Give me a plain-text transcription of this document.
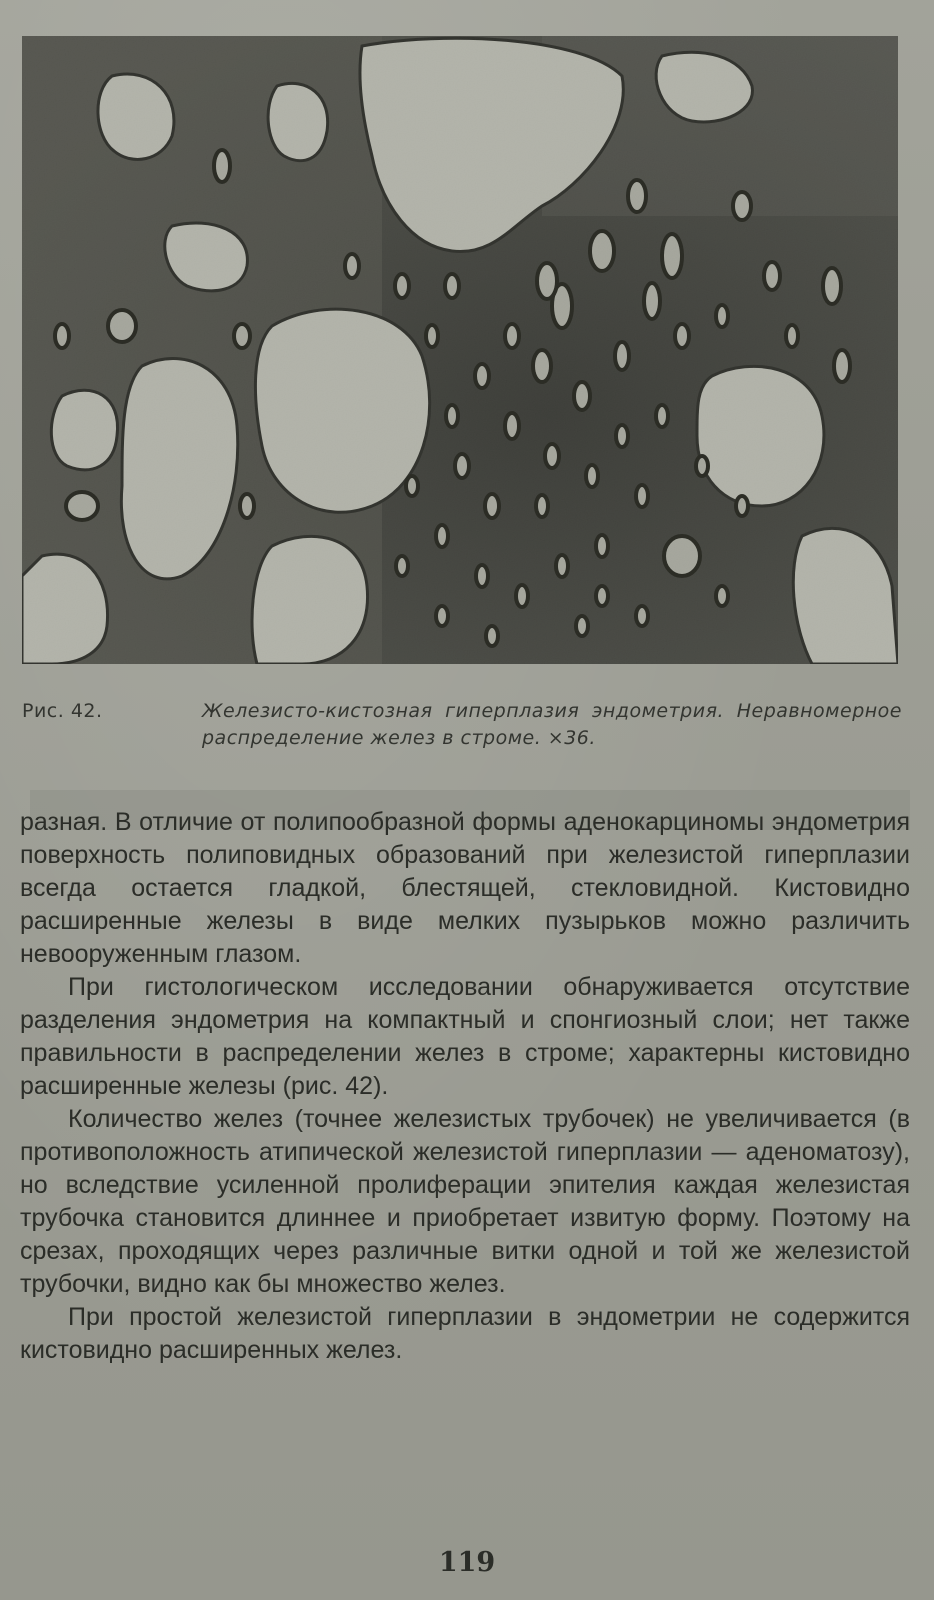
Рис. 42.	Железисто-кистозная гиперплазия эндометрия. Неравномерное распределение желез в строме. ×36.

разная. В отличие от полипообразной формы аденокарциномы эндометрия поверхность полиповидных образований при железистой гиперплазии всегда остается гладкой, блестящей, стекловидной. Кистовидно расширенные железы в виде мелких пузырьков можно различить невооруженным глазом.

При гистологическом исследовании обнаруживается отсутствие разделения эндометрия на компактный и спонгиозный слои; нет также правильности в распределении желез в строме; характерны кистовидно расширенные железы (рис. 42).

Количество желез (точнее железистых трубочек) не увеличивается (в противоположность атипической железистой гиперплазии — аденоматозу), но вследствие усиленной пролиферации эпителия каждая железистая трубочка становится длиннее и приобретает извитую форму. Поэтому на срезах, проходящих через различные витки одной и той же железистой трубочки, видно как бы множество желез.

При простой железистой гиперплазии в эндометрии не содержится кистовидно расширенных желез.

119
